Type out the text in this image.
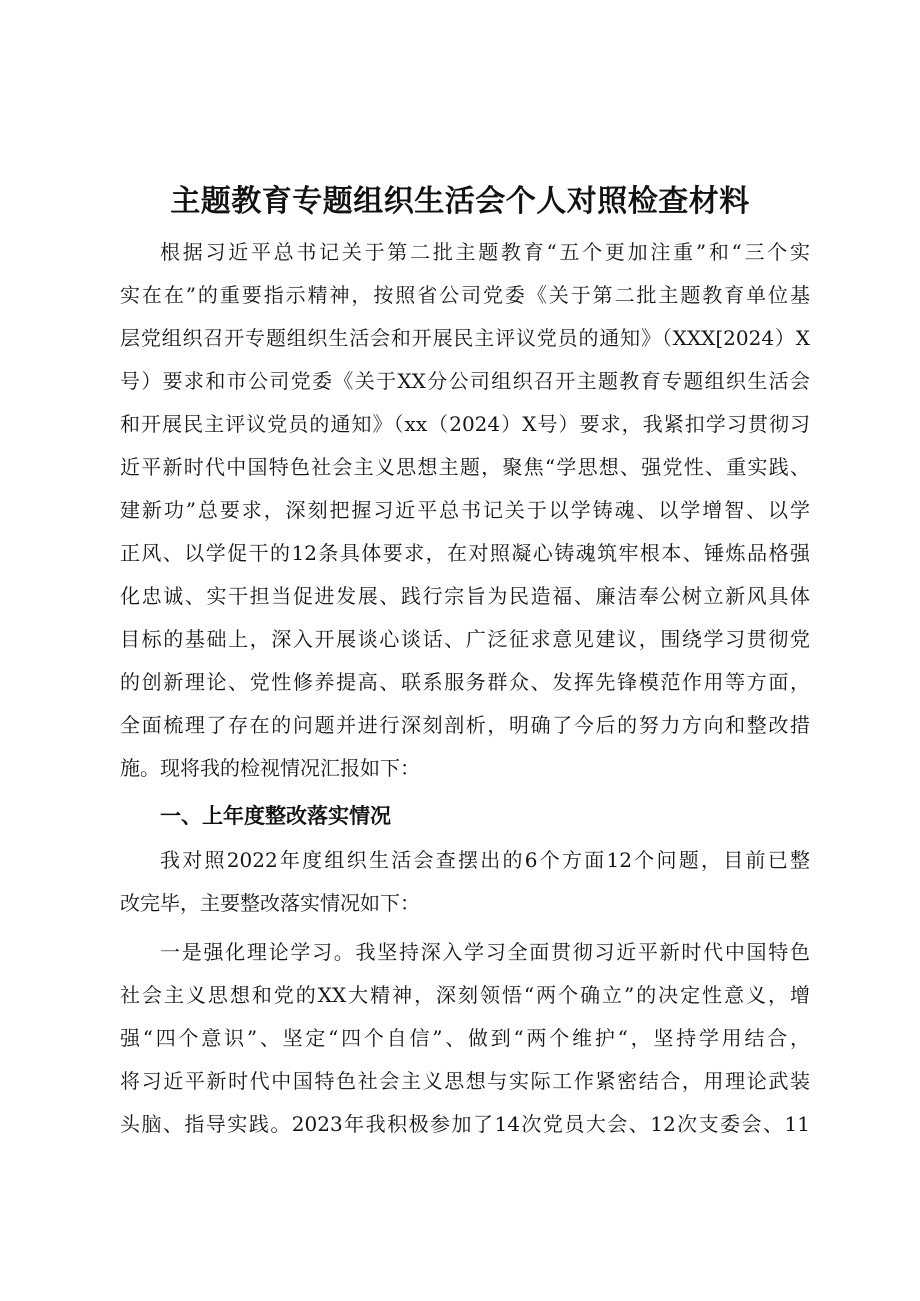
主题教育专题组织生活会个人对照检查材料
根据习近平总书记关于第二批主题教育“五个更加注重”和“三个实
实在在”的重要指示精神，按照省公司党委《关于第二批主题教育单位基
层党组织召开专题组织生活会和开展民主评议党员的通知》（XXX[2024）X
号）要求和市公司党委《关于XX分公司组织召开主题教育专题组织生活会
和开展民主评议党员的通知》（xx（2024）X号）要求，我紧扣学习贯彻习
近平新时代中国特色社会主义思想主题，聚焦“学思想、强党性、重实践、
建新功”总要求，深刻把握习近平总书记关于以学铸魂、以学增智、以学
正风、以学促干的12条具体要求，在对照凝心铸魂筑牢根本、锤炼品格强
化忠诚、实干担当促进发展、践行宗旨为民造福、廉洁奉公树立新风具体
目标的基础上，深入开展谈心谈话、广泛征求意见建议，围绕学习贯彻党
的创新理论、党性修养提高、联系服务群众、发挥先锋模范作用等方面，
全面梳理了存在的问题并进行深刻剖析，明确了今后的努力方向和整改措
施。现将我的检视情况汇报如下：
一、上年度整改落实情况
我对照2022年度组织生活会查摆出的6个方面12个问题，目前已整
改完毕，主要整改落实情况如下：
一是强化理论学习。我坚持深入学习全面贯彻习近平新时代中国特色
社会主义思想和党的XX大精神，深刻领悟“两个确立”的决定性意义，增
强“四个意识”、坚定“四个自信”、做到“两个维护“，坚持学用结合，
将习近平新时代中国特色社会主义思想与实际工作紧密结合，用理论武装
头脑、指导实践。2023年我积极参加了14次党员大会、12次支委会、11
